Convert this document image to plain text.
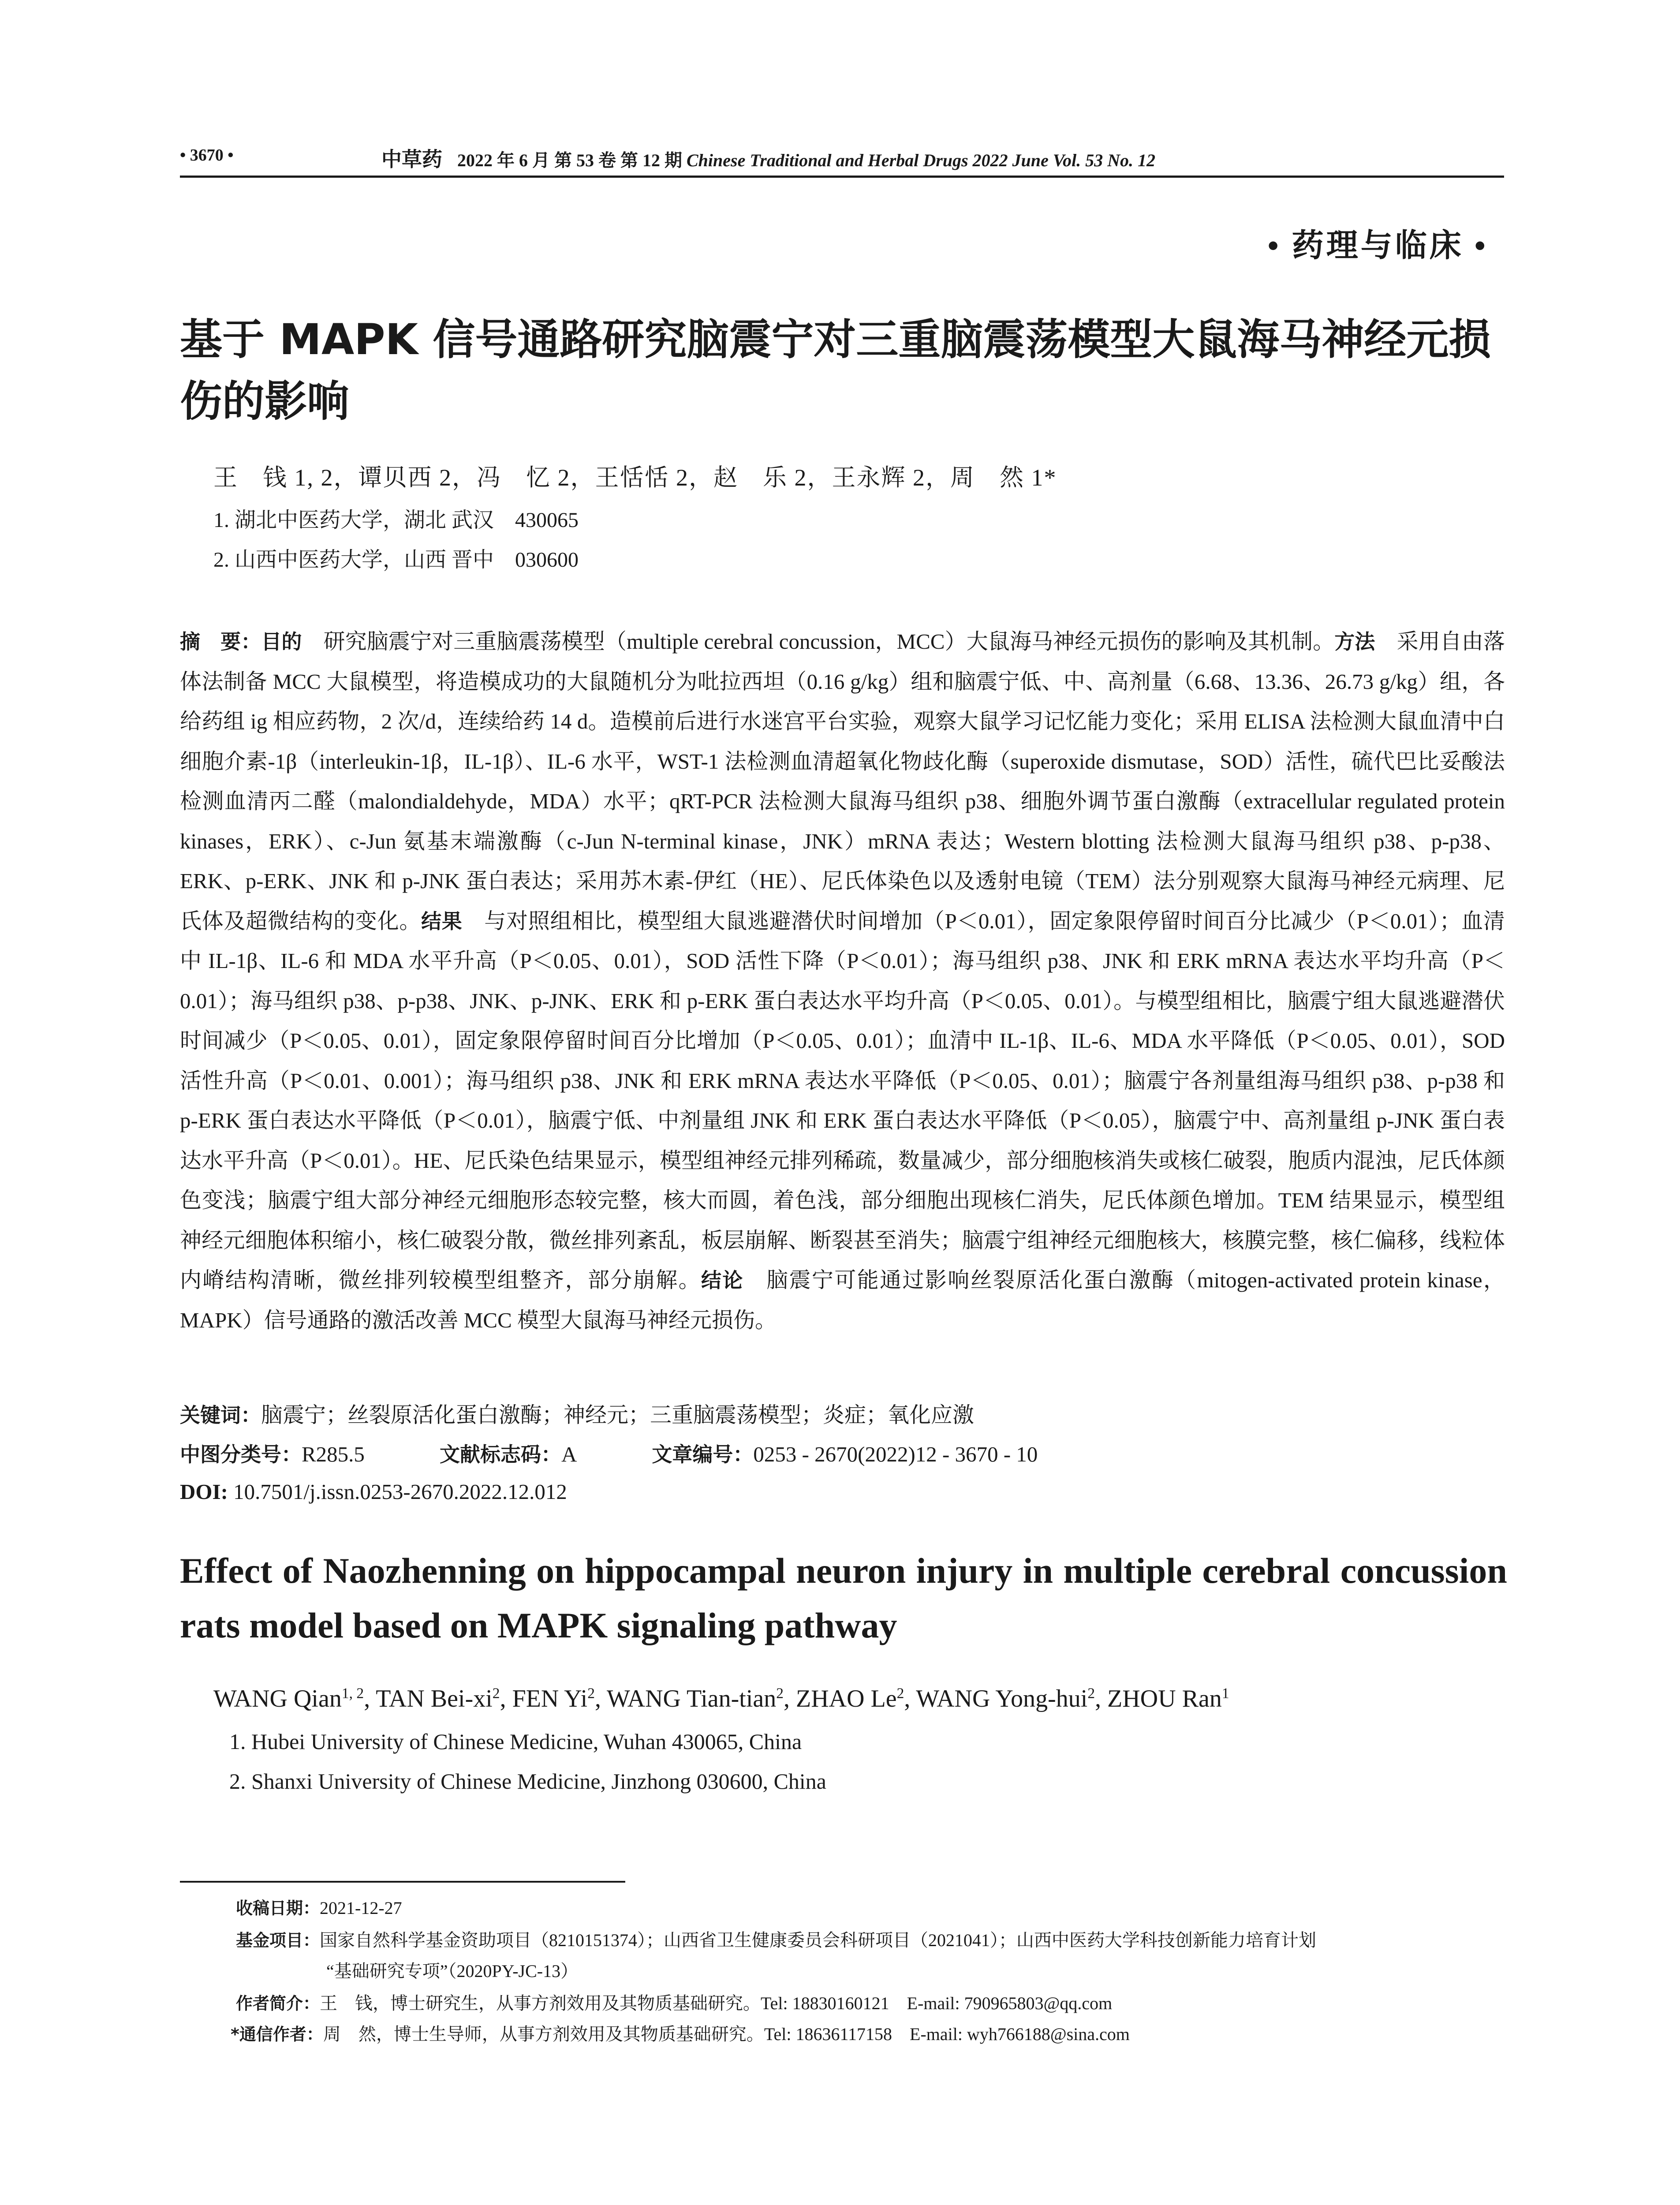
• 3670 •	中草药 2022 年 6 月 第 53 卷 第 12 期 Chinese Traditional and Herbal Drugs 2022 June Vol. 53 No. 12
• 药理与临床 •
基于 MAPK 信号通路研究脑震宁对三重脑震荡模型大鼠海马神经元损伤的影响
王　钱 1, 2，谭贝西 2，冯　忆 2，王恬恬 2，赵　乐 2，王永辉 2，周　然 1*
1. 湖北中医药大学，湖北 武汉　430065
2. 山西中医药大学，山西 晋中　030600
摘　要：目的　研究脑震宁对三重脑震荡模型（multiple cerebral concussion，MCC）大鼠海马神经元损伤的影响及其机制。方法　采用自由落体法制备 MCC 大鼠模型，将造模成功的大鼠随机分为吡拉西坦（0.16 g/kg）组和脑震宁低、中、高剂量（6.68、13.36、26.73 g/kg）组，各给药组 ig 相应药物，2 次/d，连续给药 14 d。造模前后进行水迷宫平台实验，观察大鼠学习记忆能力变化；采用 ELISA 法检测大鼠血清中白细胞介素-1β（interleukin-1β，IL-1β）、IL-6 水平，WST-1 法检测血清超氧化物歧化酶（superoxide dismutase，SOD）活性，硫代巴比妥酸法检测血清丙二醛（malondialdehyde，MDA）水平；qRT-PCR 法检测大鼠海马组织 p38、细胞外调节蛋白激酶（extracellular regulated protein kinases，ERK）、c-Jun 氨基末端激酶（c-Jun N-terminal kinase，JNK）mRNA 表达；Western blotting 法检测大鼠海马组织 p38、p-p38、ERK、p-ERK、JNK 和 p-JNK 蛋白表达；采用苏木素-伊红（HE）、尼氏体染色以及透射电镜（TEM）法分别观察大鼠海马神经元病理、尼氏体及超微结构的变化。结果　与对照组相比，模型组大鼠逃避潜伏时间增加（P＜0.01），固定象限停留时间百分比减少（P＜0.01）；血清中 IL-1β、IL-6 和 MDA 水平升高（P＜0.05、0.01），SOD 活性下降（P＜0.01）；海马组织 p38、JNK 和 ERK mRNA 表达水平均升高（P＜0.01）；海马组织 p38、p-p38、JNK、p-JNK、ERK 和 p-ERK 蛋白表达水平均升高（P＜0.05、0.01）。与模型组相比，脑震宁组大鼠逃避潜伏时间减少（P＜0.05、0.01），固定象限停留时间百分比增加（P＜0.05、0.01）；血清中 IL-1β、IL-6、MDA 水平降低（P＜0.05、0.01），SOD 活性升高（P＜0.01、0.001）；海马组织 p38、JNK 和 ERK mRNA 表达水平降低（P＜0.05、0.01）；脑震宁各剂量组海马组织 p38、p-p38 和 p-ERK 蛋白表达水平降低（P＜0.01），脑震宁低、中剂量组 JNK 和 ERK 蛋白表达水平降低（P＜0.05），脑震宁中、高剂量组 p-JNK 蛋白表达水平升高（P＜0.01）。HE、尼氏染色结果显示，模型组神经元排列稀疏，数量减少，部分细胞核消失或核仁破裂，胞质内混浊，尼氏体颜色变浅；脑震宁组大部分神经元细胞形态较完整，核大而圆，着色浅，部分细胞出现核仁消失，尼氏体颜色增加。TEM 结果显示，模型组神经元细胞体积缩小，核仁破裂分散，微丝排列紊乱，板层崩解、断裂甚至消失；脑震宁组神经元细胞核大，核膜完整，核仁偏移，线粒体内嵴结构清晰，微丝排列较模型组整齐，部分崩解。结论　脑震宁可能通过影响丝裂原活化蛋白激酶（mitogen-activated protein kinase，MAPK）信号通路的激活改善 MCC 模型大鼠海马神经元损伤。
关键词：脑震宁；丝裂原活化蛋白激酶；神经元；三重脑震荡模型；炎症；氧化应激
中图分类号：R285.5	文献标志码：A	文章编号：0253 - 2670(2022)12 - 3670 - 10
DOI: 10.7501/j.issn.0253-2670.2022.12.012
Effect of Naozhenning on hippocampal neuron injury in multiple cerebral concussion rats model based on MAPK signaling pathway
WANG Qian$^{1, 2}$, TAN Bei-$xi^2$, FEN Yi$^2$, WANG Tian-tian$^2$, ZHAO Le$^2$, WANG Yong-hui$^2$, ZHOU Ran$^1$
1. Hubei University of Chinese Medicine, Wuhan 430065, China
2. Shanxi University of Chinese Medicine, Jinzhong 030600, China
收稿日期：2021-12-27
基金项目：国家自然科学基金资助项目（8210151374）；山西省卫生健康委员会科研项目（2021041）；山西中医药大学科技创新能力培育计划
“基础研究专项”（2020PY-JC-13）
作者简介：王　钱，博士研究生，从事方剂效用及其物质基础研究。Tel: 18830160121　E-mail: 790965803@qq.com
*通信作者：周　然，博士生导师，从事方剂效用及其物质基础研究。Tel: 18636117158　E-mail: wyh766188@sina.com
